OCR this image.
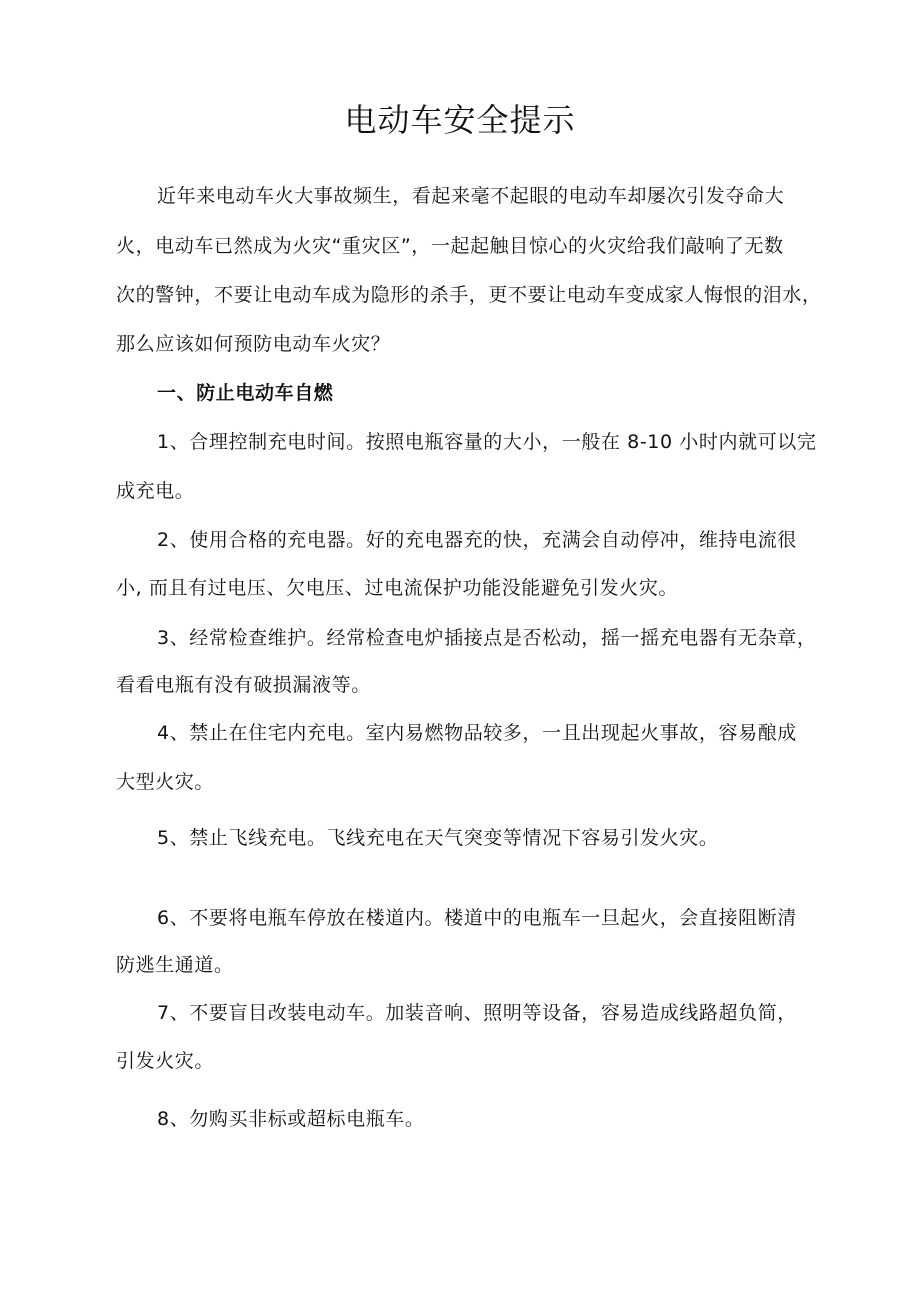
电动车安全提示
近年来电动车火大事故频生，看起来毫不起眼的电动车却屡次引发夺命大
火，电动车已然成为火灾“重灾区”，一起起触目惊心的火灾给我们敲响了无数
次的警钟，不要让电动车成为隐形的杀手，更不要让电动车变成家人悔恨的泪水，
那么应该如何预防电动车火灾？
一、防止电动车自燃
1、合理控制充电时间。按照电瓶容量的大小，一般在 8-10 小时内就可以完
成充电。
2、使用合格的充电器。好的充电器充的快，充满会自动停冲，维持电流很
小, 而且有过电压、欠电压、过电流保护功能没能避免引发火灾。
3、经常检查维护。经常检查电炉插接点是否松动，摇一摇充电器有无杂章，
看看电瓶有没有破损漏液等。
4、禁止在住宅内充电。室内易燃物品较多，一且出现起火事故，容易酿成
大型火灾。
5、禁止飞线充电。飞线充电在天气突变等情况下容易引发火灾。
6、不要将电瓶车停放在楼道内。楼道中的电瓶车一旦起火，会直接阻断清
防逃生通道。
7、不要盲目改装电动车。加装音响、照明等设备，容易造成线路超负简，
引发火灾。
8、勿购买非标或超标电瓶车。
